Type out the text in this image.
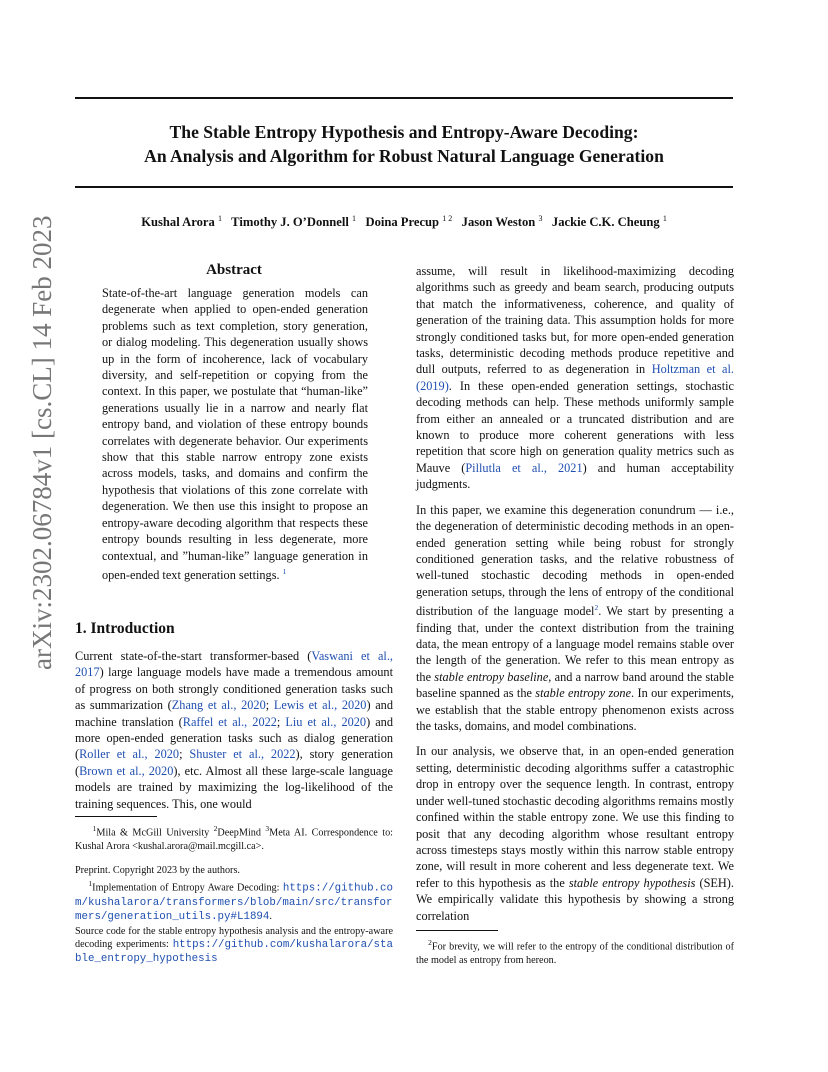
The Stable Entropy Hypothesis and Entropy-Aware Decoding:
An Analysis and Algorithm for Robust Natural Language Generation
Kushal Arora $^1$ Timothy J. O’Donnell $^1$ Doina Precup $^{1 2}$ Jason Weston $^3$ Jackie C.K. Cheung $^1$
arXiv:2302.06784v1 [cs.CL] 14 Feb 2023	Abstract
State-of-the-art language generation models can degenerate when applied to open-ended generation problems such as text completion, story generation, or dialog modeling. This degeneration usually shows up in the form of incoherence, lack of vocabulary diversity, and self-repetition or copying from the context. In this paper, we postulate that “human-like” generations usually lie in a narrow and nearly flat entropy band, and violation of these entropy bounds correlates with degenerate behavior. Our experiments show that this stable narrow entropy zone exists across models, tasks, and domains and confirm the hypothesis that violations of this zone correlate with degeneration. We then use this insight to propose an entropy-aware decoding algorithm that respects these entropy bounds resulting in less degenerate, more contextual, and ”human-like” language generation in open-ended text generation settings. $^1$
1. Introduction

Current state-of-the-start transformer-based (Vaswani et al., 2017) large language models have made a tremendous amount of progress on both strongly conditioned generation tasks such as summarization (Zhang et al., 2020; Lewis et al., 2020) and machine translation (Raffel et al., 2022; Liu et al., 2020) and more open-ended generation tasks such as dialog generation (Roller et al., 2020; Shuster et al., 2022), story generation (Brown et al., 2020), etc. Almost all these large-scale language models are trained by maximizing the log-likelihood of the training sequences. This, one would

$^1$Mila & McGill University $^2$DeepMind $^3$Meta AI. Correspondence to: Kushal Arora <kushal.arora@mail.mcgill.ca>.
Preprint. Copyright 2023 by the authors.
$^1$Implementation of Entropy Aware Decoding: https://github.com/kushalarora/transformers/blob/main/src/transformers/generation_utils.py#L1894.
Source code for the stable entropy hypothesis analysis and the entropy-aware decoding experiments: https://github.com/kushalarora/stable_entropy_hypothesis

assume, will result in likelihood-maximizing decoding algorithms such as greedy and beam search, producing outputs that match the informativeness, coherence, and quality of generation of the training data. This assumption holds for more strongly conditioned tasks but, for more open-ended generation tasks, deterministic decoding methods produce repetitive and dull outputs, referred to as degeneration in Holtzman et al. (2019). In these open-ended generation settings, stochastic decoding methods can help. These methods uniformly sample from either an annealed or a truncated distribution and are known to produce more coherent generations with less repetition that score high on generation quality metrics such as Mauve (Pillutla et al., 2021) and human acceptability judgments.

In this paper, we examine this degeneration conundrum — i.e., the degeneration of deterministic decoding methods in an open-ended generation setting while being robust for strongly conditioned generation tasks, and the relative robustness of well-tuned stochastic decoding methods in open-ended generation setups, through the lens of entropy of the conditional distribution of the language model$^2$. We start by presenting a finding that, under the context distribution from the training data, the mean entropy of a language model remains stable over the length of the generation. We refer to this mean entropy as the stable entropy baseline, and a narrow band around the stable baseline spanned as the stable entropy zone. In our experiments, we establish that the stable entropy phenomenon exists across the tasks, domains, and model combinations.

In our analysis, we observe that, in an open-ended generation setting, deterministic decoding algorithms suffer a catastrophic drop in entropy over the sequence length. In contrast, entropy under well-tuned stochastic decoding algorithms remains mostly confined within the stable entropy zone. We use this finding to posit that any decoding algorithm whose resultant entropy across timesteps stays mostly within this narrow stable entropy zone, will result in more coherent and less degenerate text. We refer to this hypothesis as the stable entropy hypothesis (SEH). We empirically validate this hypothesis by showing a strong correlation

$^2$For brevity, we will refer to the entropy of the conditional distribution of the model as entropy from hereon.
